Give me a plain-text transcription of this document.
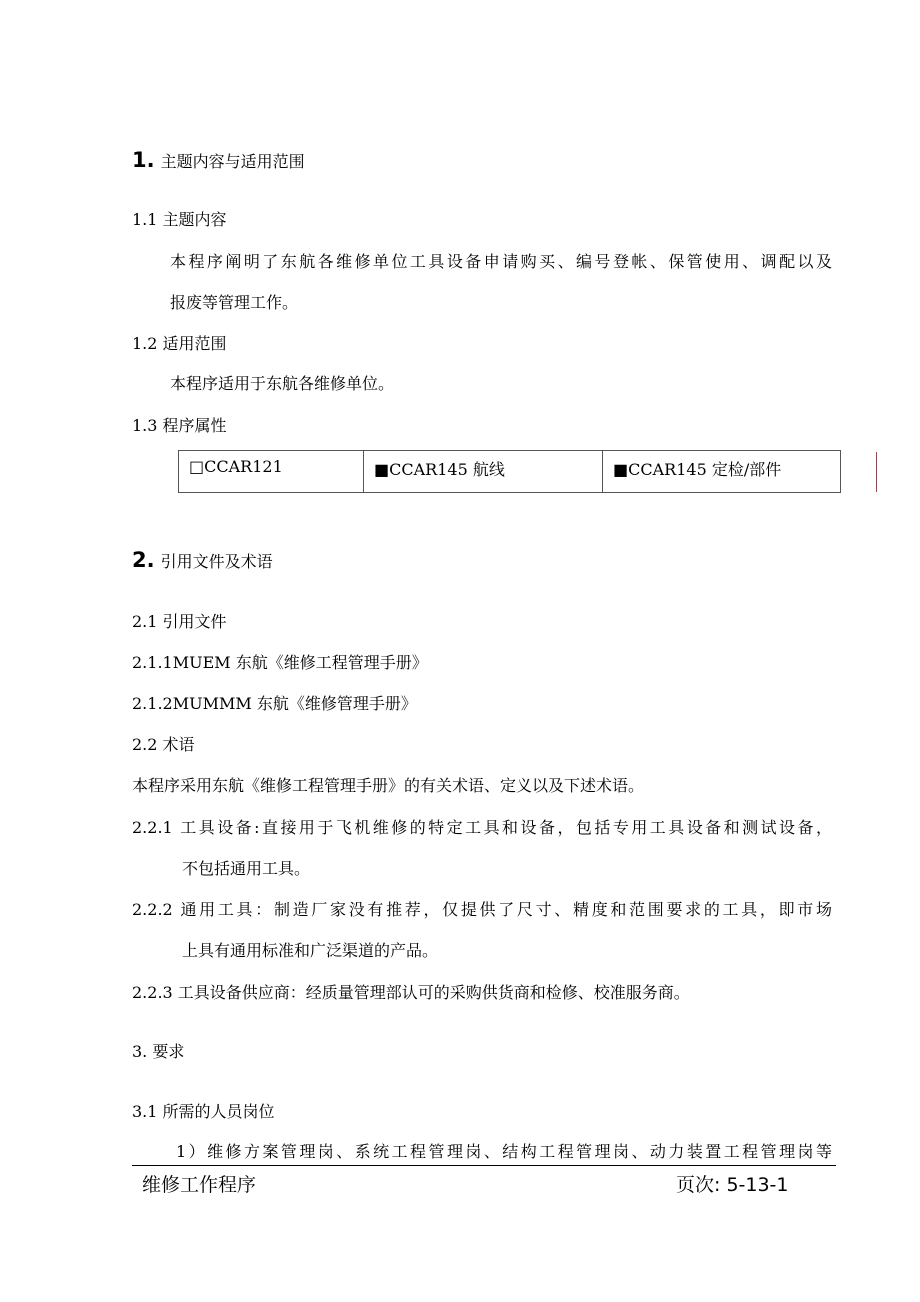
1. 主题内容与适用范围
1.1 主题内容
本程序阐明了东航各维修单位工具设备申请购买、编号登帐、保管使用、调配以及
报废等管理工作。
1.2 适用范围
本程序适用于东航各维修单位。
1.3 程序属性
□CCAR121	■CCAR145 航线	■CCAR145 定检/部件
2. 引用文件及术语
2.1 引用文件
2.1.1MUEM 东航《维修工程管理手册》
2.1.2MUMMM 东航《维修管理手册》
2.2 术语
本程序采用东航《维修工程管理手册》的有关术语、定义以及下述术语。
2.2.1 工具设备:直接用于飞机维修的特定工具和设备，包括专用工具设备和测试设备，
不包括通用工具。
2.2.2 通用工具：制造厂家没有推荐，仅提供了尺寸、精度和范围要求的工具，即市场
上具有通用标准和广泛渠道的产品。
2.2.3 工具设备供应商：经质量管理部认可的采购供货商和检修、校准服务商。
3. 要求
3.1 所需的人员岗位
1）维修方案管理岗、系统工程管理岗、结构工程管理岗、动力装置工程管理岗等
维修工作程序	页次: 5-13-1
